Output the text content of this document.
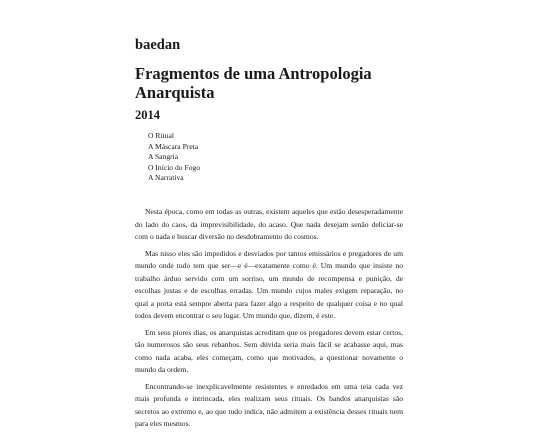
baedan
Fragmentos de uma Antropologia Anarquista
2014
O Ritual
A Máscara Preta
A Sangria
O Início do Fogo
A Narrativa

Nesta época, como em todas as outras, existem aqueles que estão desesperadamente do lado do caos, da imprevisibilidade, do acaso. Que nada desejam senão deliciar-se com o nada e buscar diversão no desdobramento do cosmos.

Mas nisso eles são impedidos e desviados por tantos emissários e pregadores de um mundo onde tudo tem que ser—e é—exatamente como é. Um mundo que insiste no trabalho árduo servido com um sorriso, um mundo de recompensa e punição, de escolhas justas e de escolhas erradas. Um mundo cujos males exigem reparação, no qual a porta está sempre aberta para fazer algo a respeito de qualquer coisa e no qual todos devem encontrar o seu lugar. Um mundo que, dizem, é este.

Em seus piores dias, os anarquistas acreditam que os pregadores devem estar certos, tão numerosos são seus rebanhos. Sem dúvida seria mais fácil se acabasse aqui, mas como nada acaba, eles começam, como que motivados, a questionar novamente o mundo da ordem.

Encontrando-se inexplicavelmente resistentes e enredados em uma teia cada vez mais profunda e intrincada, eles realizam seus rituais. Os bandos anarquistas são secretos ao extremo e, ao que tudo indica, não admitem a existência desses rituais nem para eles mesmos.
